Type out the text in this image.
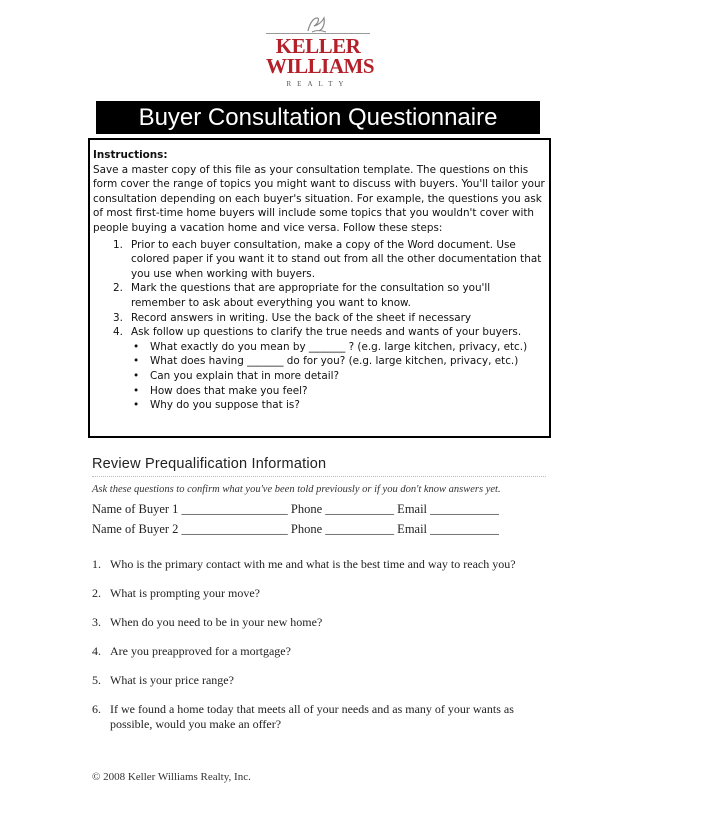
KELLER
WILLIAMS
REALTY
Buyer Consultation Questionnaire

Instructions:

Save a master copy of this file as your consultation template. The questions on this form cover the range of topics you might want to discuss with buyers. You'll tailor your consultation depending on each buyer's situation. For example, the questions you ask of most first-time home buyers will include some topics that you wouldn't cover with people buying a vacation home and vice versa. Follow these steps:

1. Prior to each buyer consultation, make a copy of the Word document. Use colored paper if you want it to stand out from all the other documentation that you use when working with buyers.
2. Mark the questions that are appropriate for the consultation so you'll remember to ask about everything you want to know.
3. Record answers in writing. Use the back of the sheet if necessary
4. Ask follow up questions to clarify the true needs and wants of your buyers.
• What exactly do you mean by _______ ? (e.g. large kitchen, privacy, etc.)
• What does having _______ do for you? (e.g. large kitchen, privacy, etc.)
• Can you explain that in more detail?
• How does that make you feel?
• Why do you suppose that is?
Review Prequalification Information
Ask these questions to confirm what you've been told previously or if you don't know answers yet.
Name of Buyer 1 _________________ Phone ___________ Email ___________
Name of Buyer 2 _________________ Phone ___________ Email ___________
1. Who is the primary contact with me and what is the best time and way to reach you?
2. What is prompting your move?
3. When do you need to be in your new home?
4. Are you preapproved for a mortgage?
5. What is your price range?
6. If we found a home today that meets all of your needs and as many of your wants as possible, would you make an offer?
© 2008 Keller Williams Realty, Inc.
